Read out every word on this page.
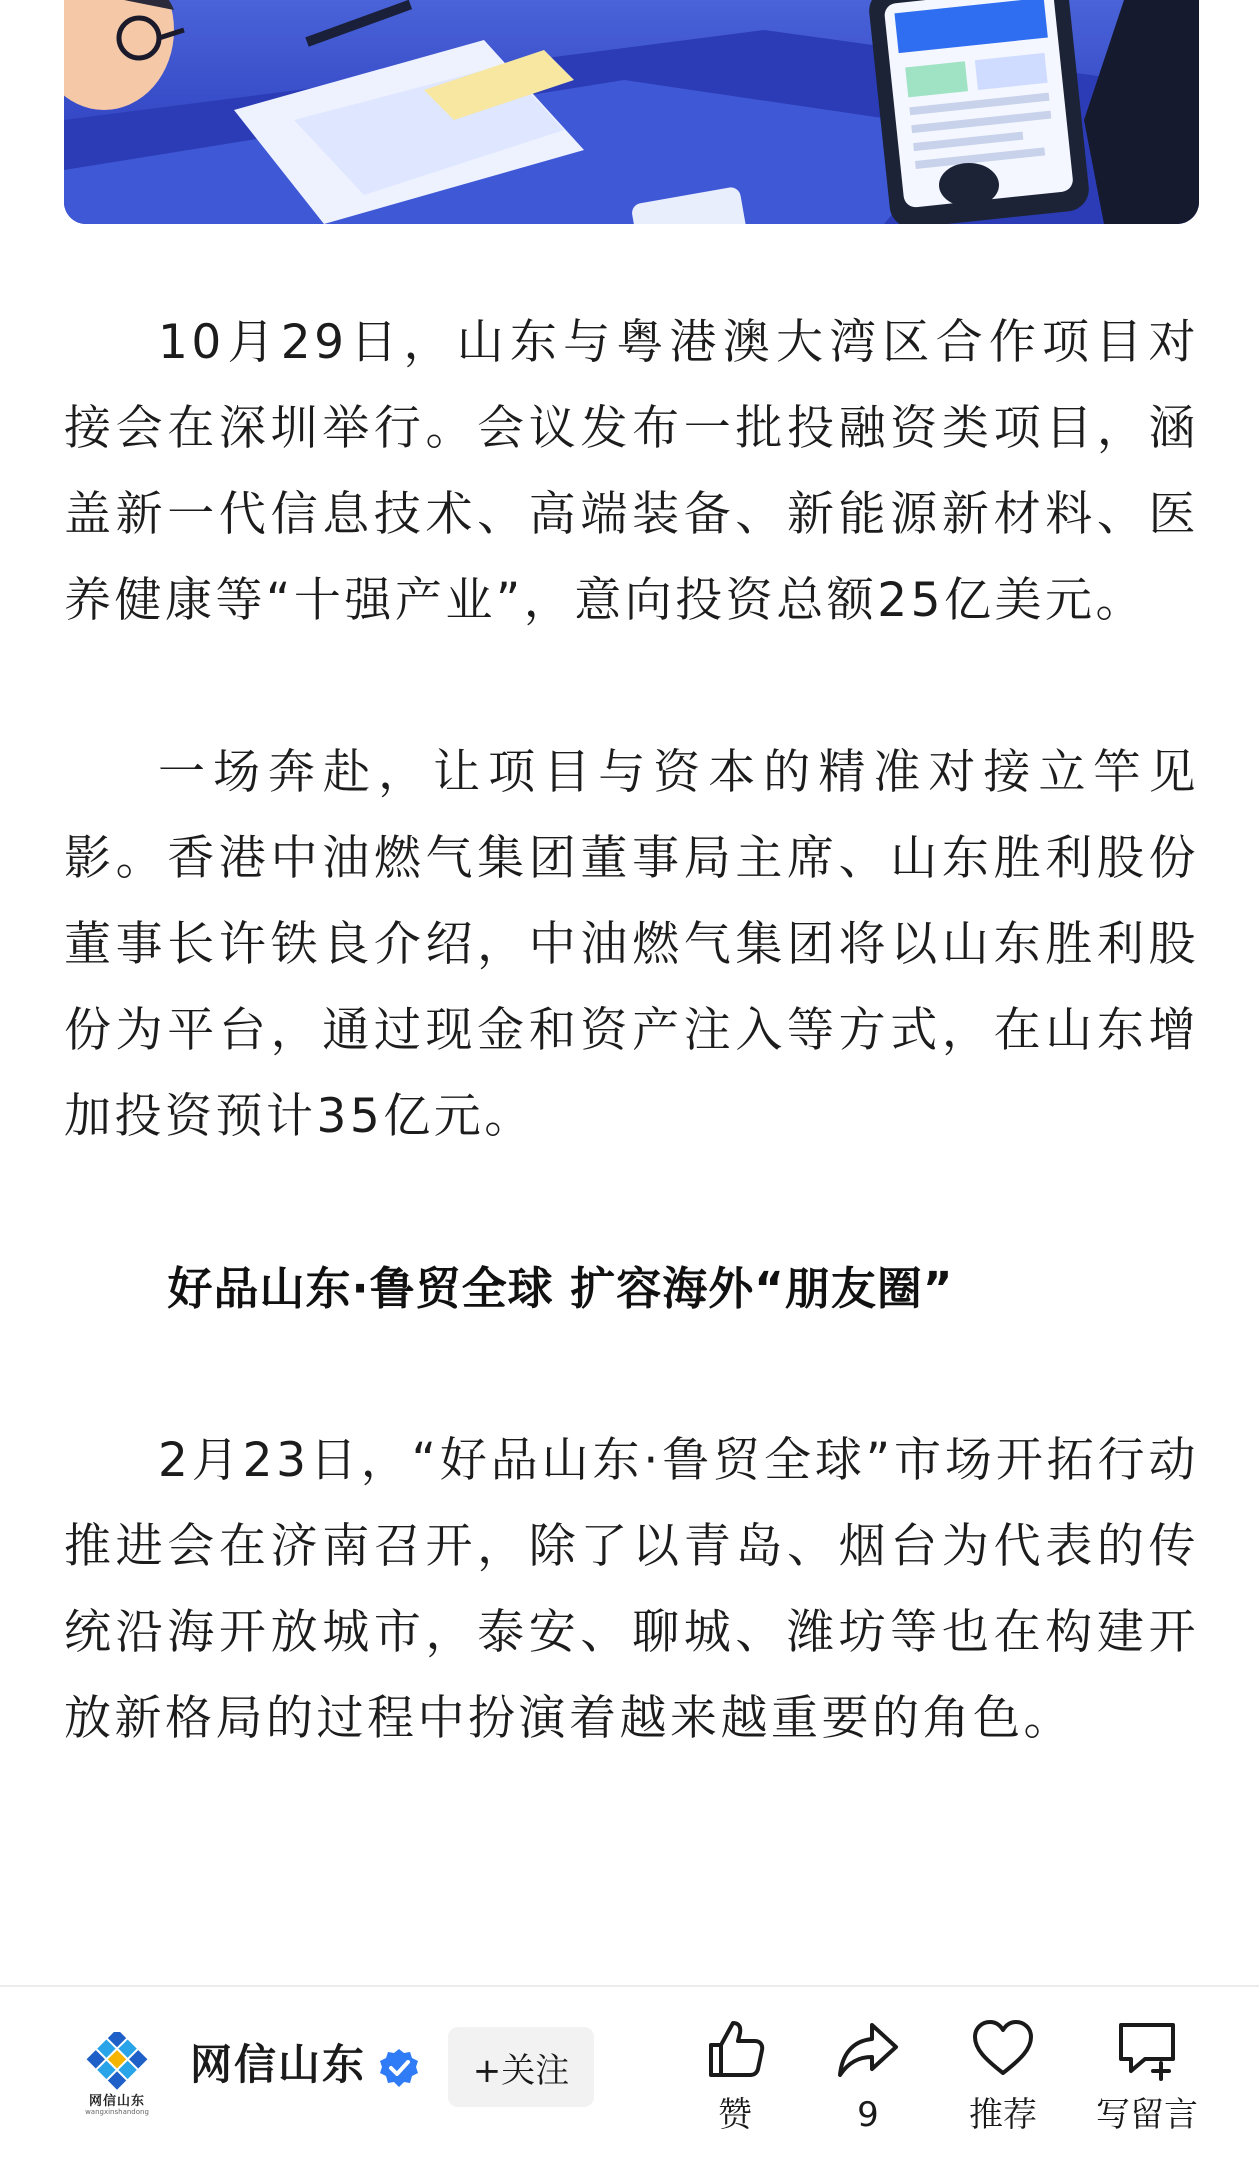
10月29日，山东与粤港澳大湾区合作项目对接会在深圳举行。会议发布一批投融资类项目，涵盖新一代信息技术、高端装备、新能源新材料、医养健康等“十强产业”，意向投资总额25亿美元。

一场奔赴，让项目与资本的精准对接立竿见影。香港中油燃气集团董事局主席、山东胜利股份董事长许铁良介绍，中油燃气集团将以山东胜利股份为平台，通过现金和资产注入等方式，在山东增加投资预计35亿元。

好品山东·鲁贸全球 扩容海外“朋友圈”

2月23日，“好品山东·鲁贸全球”市场开拓行动推进会在济南召开，除了以青岛、烟台为代表的传统沿海开放城市，泰安、聊城、潍坊等也在构建开放新格局的过程中扮演着越来越重要的角色。

网信山东
wangxinshandong
网信山东	+关注
赞	9	推荐	写留言
